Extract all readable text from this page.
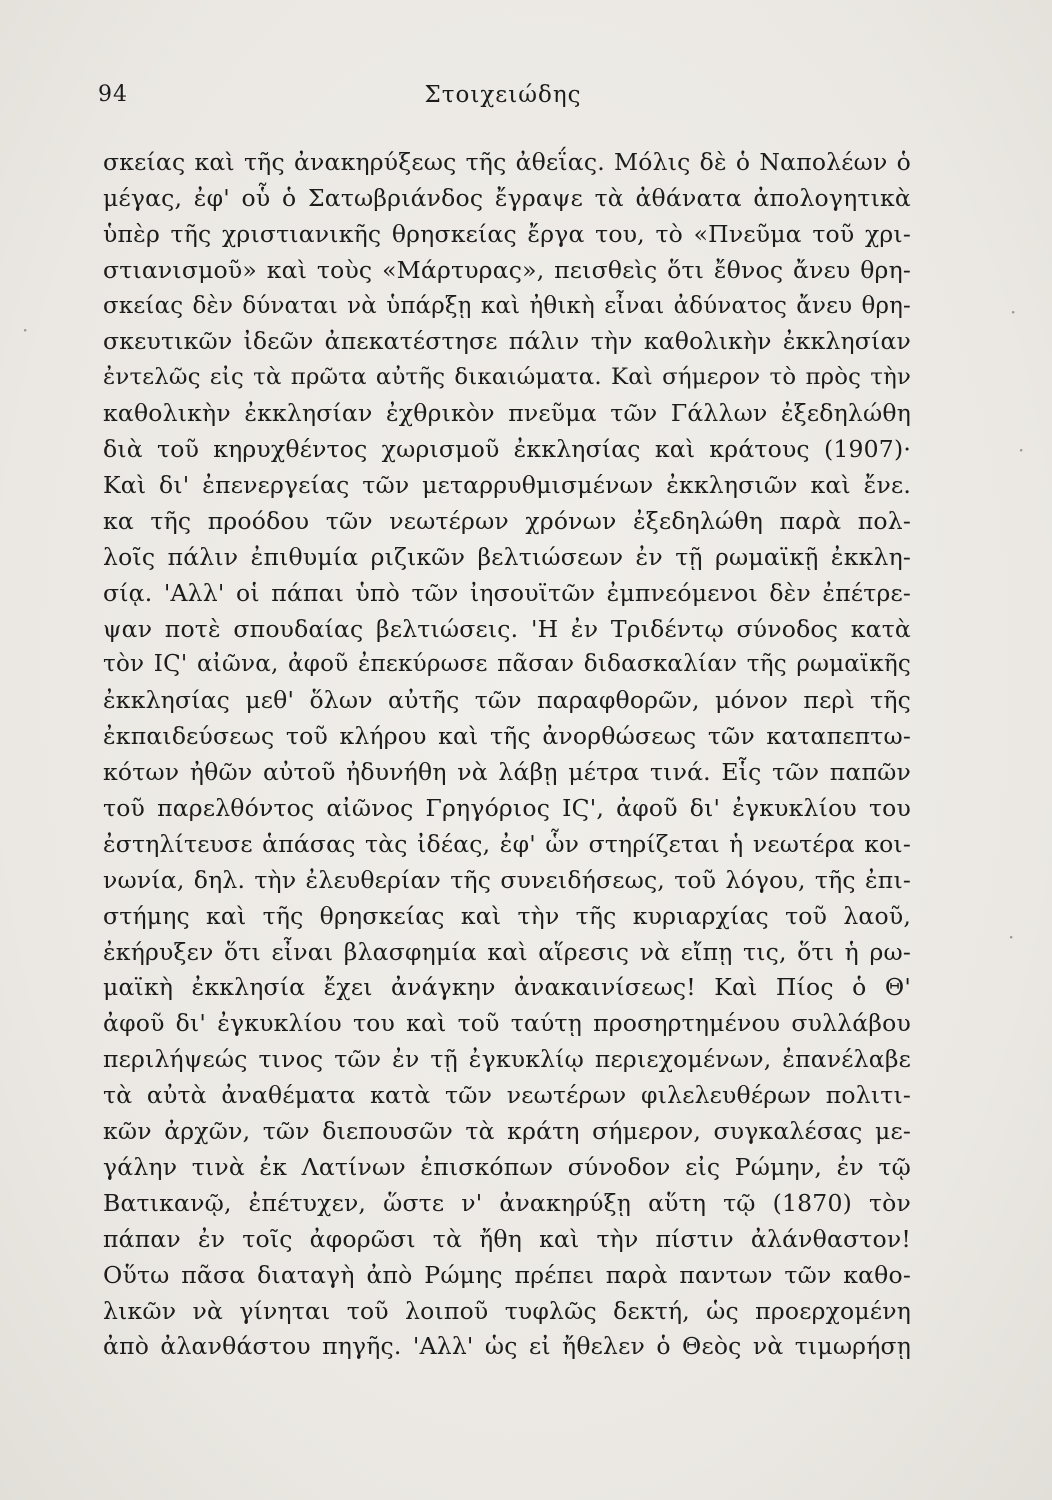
94	Στοιχειώδης
σκείας καὶ τῆς ἀνακηρύξεως τῆς ἀθεΐας. Μόλις δὲ ὁ Ναπολέων ὁ
μέγας, ἐφ' οὗ ὁ Σατωβριάνδος ἔγραψε τὰ ἀθάνατα ἀπολογητικὰ
ὑπὲρ τῆς χριστιανικῆς θρησκείας ἔργα του, τὸ «Πνεῦμα τοῦ χρι-
στιανισμοῦ» καὶ τοὺς «Μάρτυρας», πεισθεὶς ὅτι ἔθνος ἄνευ θρη-
σκείας δὲν δύναται νὰ ὑπάρξῃ καὶ ἠθικὴ εἶναι ἀδύνατος ἄνευ θρη-
σκευτικῶν ἰδεῶν ἀπεκατέστησε πάλιν τὴν καθολικὴν ἐκκλησίαν
ἐντελῶς εἰς τὰ πρῶτα αὐτῆς δικαιώματα. Καὶ σήμερον τὸ πρὸς τὴν
καθολικὴν ἐκκλησίαν ἐχθρικὸν πνεῦμα τῶν Γάλλων ἐξεδηλώθη
διὰ τοῦ κηρυχθέντος χωρισμοῦ ἐκκλησίας καὶ κράτους (1907)·
Καὶ δι' ἐπενεργείας τῶν μεταρρυθμισμένων ἐκκλησιῶν καὶ ἔνε.
κα τῆς προόδου τῶν νεωτέρων χρόνων ἐξεδηλώθη παρὰ πολ-
λοῖς πάλιν ἐπιθυμία ριζικῶν βελτιώσεων ἐν τῇ ρωμαϊκῇ ἐκκλη-
σίᾳ. 'Αλλ' οἱ πάπαι ὑπὸ τῶν ἰησουϊτῶν ἐμπνεόμενοι δὲν ἐπέτρε-
ψαν ποτὲ σπουδαίας βελτιώσεις. 'Η ἐν Τριδέντῳ σύνοδος κατὰ
τὸν ΙϚ' αἰῶνα, ἀφοῦ ἐπεκύρωσε πᾶσαν διδασκαλίαν τῆς ρωμαϊκῆς
ἐκκλησίας μεθ' ὅλων αὐτῆς τῶν παραφθορῶν, μόνον περὶ τῆς
ἐκπαιδεύσεως τοῦ κλήρου καὶ τῆς ἀνορθώσεως τῶν καταπεπτω-
κότων ἠθῶν αὐτοῦ ἠδυνήθη νὰ λάβῃ μέτρα τινά. Εἷς τῶν παπῶν
τοῦ παρελθόντος αἰῶνος Γρηγόριος ΙϚ', ἀφοῦ δι' ἐγκυκλίου του
ἐστηλίτευσε ἁπάσας τὰς ἰδέας, ἐφ' ὧν στηρίζεται ἡ νεωτέρα κοι-
νωνία, δηλ. τὴν ἐλευθερίαν τῆς συνειδήσεως, τοῦ λόγου, τῆς ἐπι-
στήμης καὶ τῆς θρησκείας καὶ τὴν τῆς κυριαρχίας τοῦ λαοῦ,
ἐκήρυξεν ὅτι εἶναι βλασφημία καὶ αἵρεσις νὰ εἴπῃ τις, ὅτι ἡ ρω-
μαϊκὴ ἐκκλησία ἔχει ἀνάγκην ἀνακαινίσεως! Καὶ Πίος ὁ Θ'
ἀφοῦ δι' ἐγκυκλίου του καὶ τοῦ ταύτῃ προσηρτημένου συλλάβου
περιλήψεώς τινος τῶν ἐν τῇ ἐγκυκλίῳ περιεχομένων, ἐπανέλαβε
τὰ αὐτὰ ἀναθέματα κατὰ τῶν νεωτέρων φιλελευθέρων πολιτι-
κῶν ἀρχῶν, τῶν διεπουσῶν τὰ κράτη σήμερον, συγκαλέσας με-
γάλην τινὰ ἐκ Λατίνων ἐπισκόπων σύνοδον εἰς Ρώμην, ἐν τῷ
Βατικανῷ, ἐπέτυχεν, ὥστε ν' ἀνακηρύξῃ αὕτη τῷ (1870) τὸν
πάπαν ἐν τοῖς ἀφορῶσι τὰ ἤθη καὶ τὴν πίστιν ἀλάνθαστον!
Οὕτω πᾶσα διαταγὴ ἀπὸ Ρώμης πρέπει παρὰ παντων τῶν καθο-
λικῶν νὰ γίνηται τοῦ λοιποῦ τυφλῶς δεκτή, ὡς προερχομένη
ἀπὸ ἀλανθάστου πηγῆς. 'Αλλ' ὡς εἰ ἤθελεν ὁ Θεὸς νὰ τιμωρήσῃ
·
·
·
·
